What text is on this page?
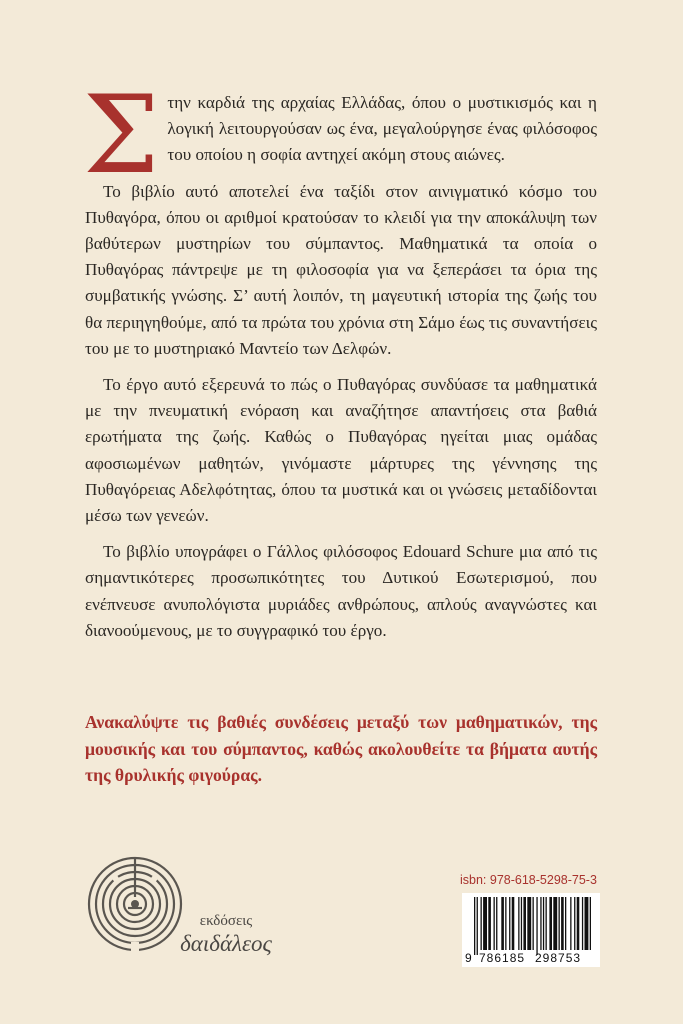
Στην καρδιά της αρχαίας Ελλάδας, όπου ο μυστικισμός και η λογική λειτουργούσαν ως ένα, μεγαλούργησε ένας φιλόσοφος του οποίου η σοφία αντηχεί ακόμη στους αιώνες.

Το βιβλίο αυτό αποτελεί ένα ταξίδι στον αινιγματικό κόσμο του Πυθαγόρα, όπου οι αριθμοί κρατούσαν το κλειδί για την αποκάλυψη των βαθύτερων μυστηρίων του σύμπαντος. Μαθηματικά τα οποία ο Πυθαγόρας πάντρεψε με τη φιλοσοφία για να ξεπεράσει τα όρια της συμβατικής γνώσης. Σ’ αυτή λοιπόν, τη μαγευτική ιστορία της ζωής του θα περιηγηθούμε, από τα πρώτα του χρόνια στη Σάμο έως τις συναντήσεις του με το μυστηριακό Μαντείο των Δελφών.

Το έργο αυτό εξερευνά το πώς ο Πυθαγόρας συνδύασε τα μαθηματικά με την πνευματική ενόραση και αναζήτησε απαντήσεις στα βαθιά ερωτήματα της ζωής. Καθώς ο Πυθαγόρας ηγείται μιας ομάδας αφοσιωμένων μαθητών, γινόμαστε μάρτυρες της γέννησης της Πυθαγόρειας Αδελφότητας, όπου τα μυστικά και οι γνώσεις μεταδίδονται μέσω των γενεών.

Το βιβλίο υπογράφει ο Γάλλος φιλόσοφος Edouard Schure μια από τις σημαντικότερες προσωπικότητες του Δυτικού Εσωτερισμού, που ενέπνευσε ανυπολόγιστα μυριάδες ανθρώπους, απλούς αναγνώστες και διανοούμενους, με το συγγραφικό του έργο.

Ανακαλύψτε τις βαθιές συνδέσεις μεταξύ των μαθηματικών, της μουσικής και του σύμπαντος, καθώς ακολουθείτε τα βήματα αυτής της θρυλικής φιγούρας.

εκδόσεις
δαιδάλεος
isbn: 978-618-5298-75-3
9 786185 298753
